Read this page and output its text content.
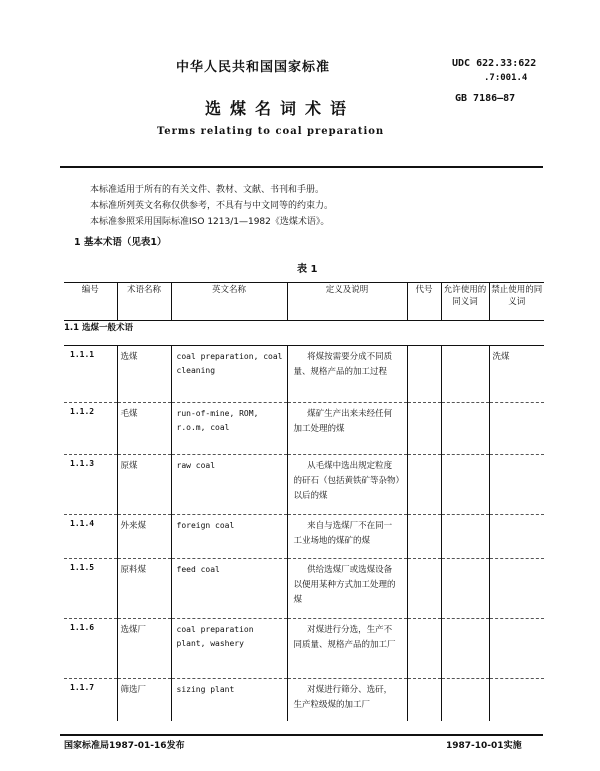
中华人民共和国国家标准	UDC 622.33:622
.7:001.4
GB 7186—87
选煤名词术语
Terms relating to coal preparation
本标准适用于所有的有关文件、教材、文献、书刊和手册。
本标准所列英文名称仅供参考，不具有与中文同等的约束力。
本标准参照采用国际标准ISO 1213/1—1982《选煤术语》。
1 基本术语（见表1）
表 1
编号	术语名称	英文名称	定义及说明	代号	允许使用的同义词	禁止使用的同义词
1.1 选煤一般术语						
1.1.1	选煤	coal preparation, coal cleaning	将煤按需要分成不同质量、规格产品的加工过程			洗煤
1.1.2	毛煤	run-of-mine, ROM, r.o.m, coal	煤矿生产出来未经任何加工处理的煤			
1.1.3	原煤	raw coal	从毛煤中选出规定粒度的矸石（包括黄铁矿等杂物）以后的煤			
1.1.4	外来煤	foreign coal	来自与选煤厂不在同一工业场地的煤矿的煤			
1.1.5	原料煤	feed coal	供给选煤厂或选煤设备以便用某种方式加工处理的煤			
1.1.6	选煤厂	coal preparation plant, washery	对煤进行分选，生产不同质量、规格产品的加工厂			
1.1.7	筛选厂	sizing plant	对煤进行筛分、选矸，生产粒级煤的加工厂			
国家标准局1987-01-16发布	1987-10-01实施
